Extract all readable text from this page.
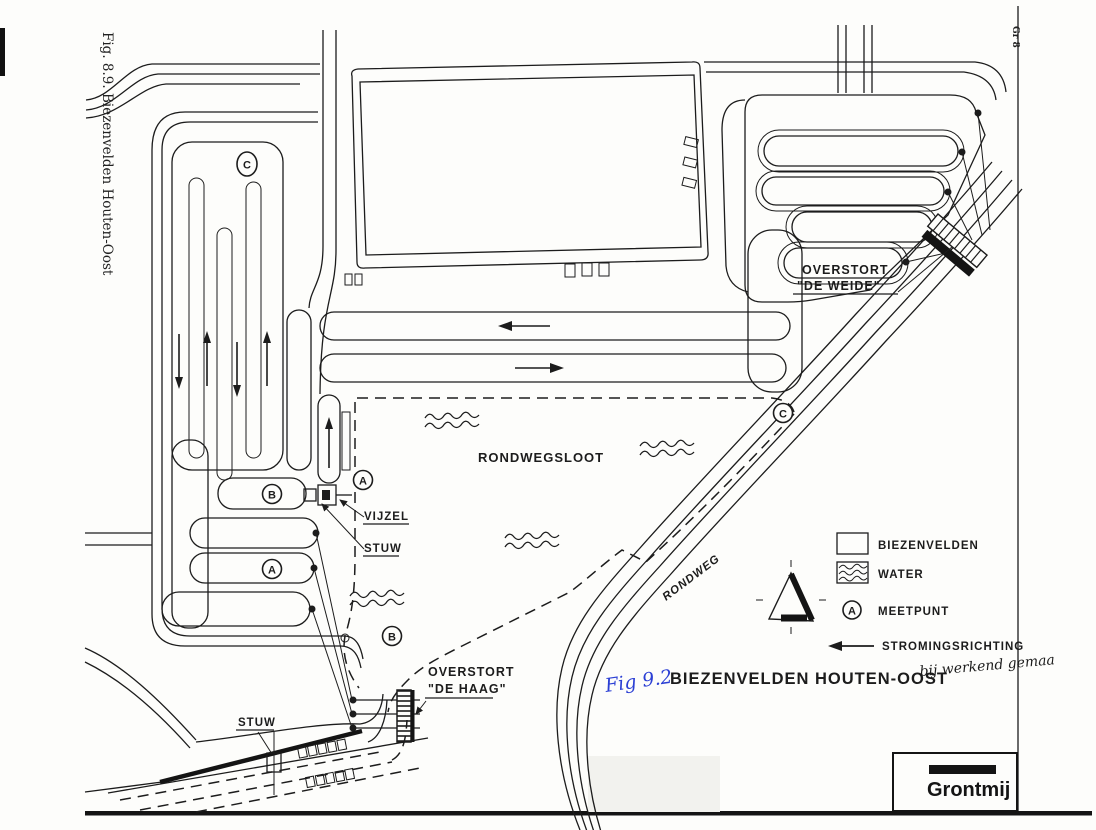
C
B
A
A
B
C
OVERSTORT
"DE WEIDE"
RONDWEGSLOOT
RONDWEG
VIJZEL
STUW
OVERSTORT
"DE HAAG"
STUW
BIEZENVELDEN
WATER
A MEETPUNT
STROMINGSRICHTING
BIEZENVELDEN HOUTEN-OOST
Fig 9.2	bij werkend gemaa
Fig. 8.9. Biezenvelden Houten-Oost	Gr 8
Grontmij
